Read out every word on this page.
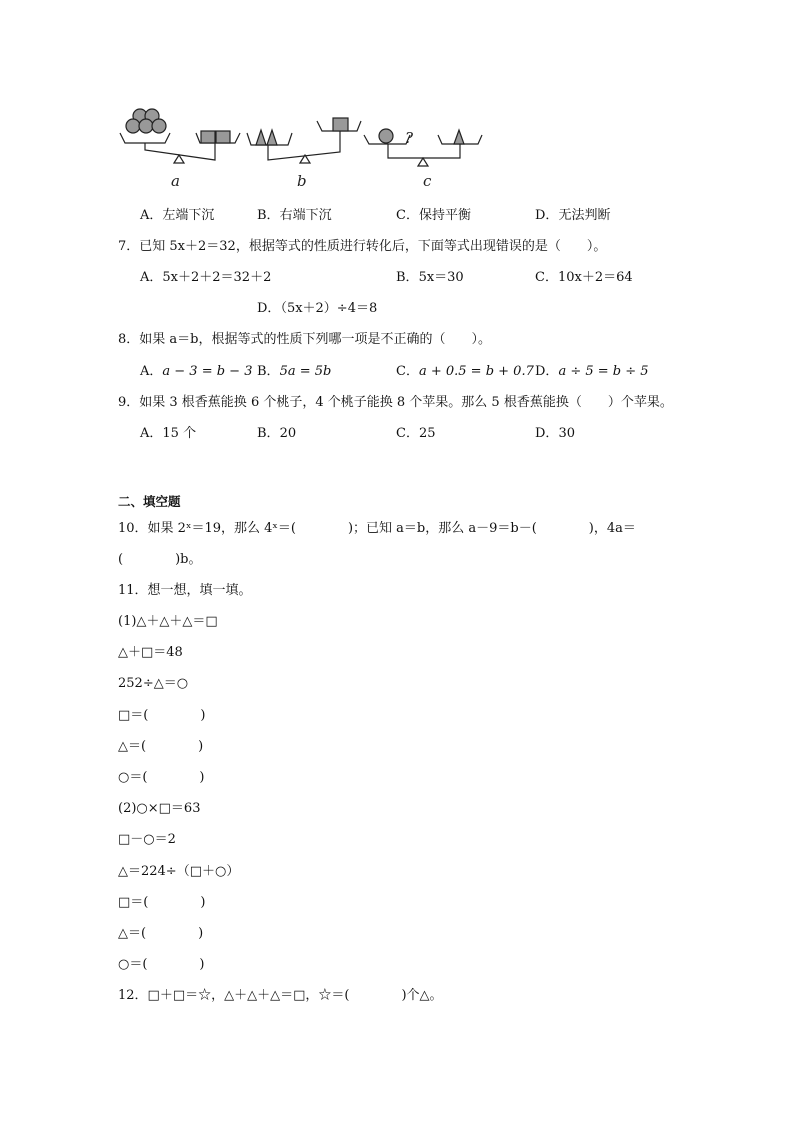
?
a	b	c
A．左端下沉	B．右端下沉	C．保持平衡	D．无法判断
7．已知 5x＋2＝32，根据等式的性质进行转化后，下面等式出现错误的是（　　）。
A．5x＋2＋2＝32＋2	B．5x＝30	C．10x＋2＝64
D．（5x＋2）÷4＝8
8．如果 a＝b，根据等式的性质下列哪一项是不正确的（　　）。
A．a − 3 = b − 3 B．5a = 5b	C．a + 0.5 = b + 0.7 D．a ÷ 5 = b ÷ 5
9．如果 3 根香蕉能换 6 个桃子，4 个桃子能换 8 个苹果。那么 5 根香蕉能换（　　）个苹果。
A．15 个	B．20	C．25	D．30
二、填空题
10．如果 2ˣ＝19，那么 4ˣ＝(　　　　)；已知 a＝b，那么 a－9＝b－(　　　　)，4a＝
(　　　　)b。
11．想一想，填一填。
(1)△＋△＋△＝□
△＋□＝48
252÷△＝○
□＝(　　　　)
△＝(　　　　)
○＝(　　　　)
(2)○×□＝63
□－○＝2
△＝224÷（□＋○）
□＝(　　　　)
△＝(　　　　)
○＝(　　　　)
12．□＋□＝☆，△＋△＋△＝□，☆＝(　　　　)个△。
